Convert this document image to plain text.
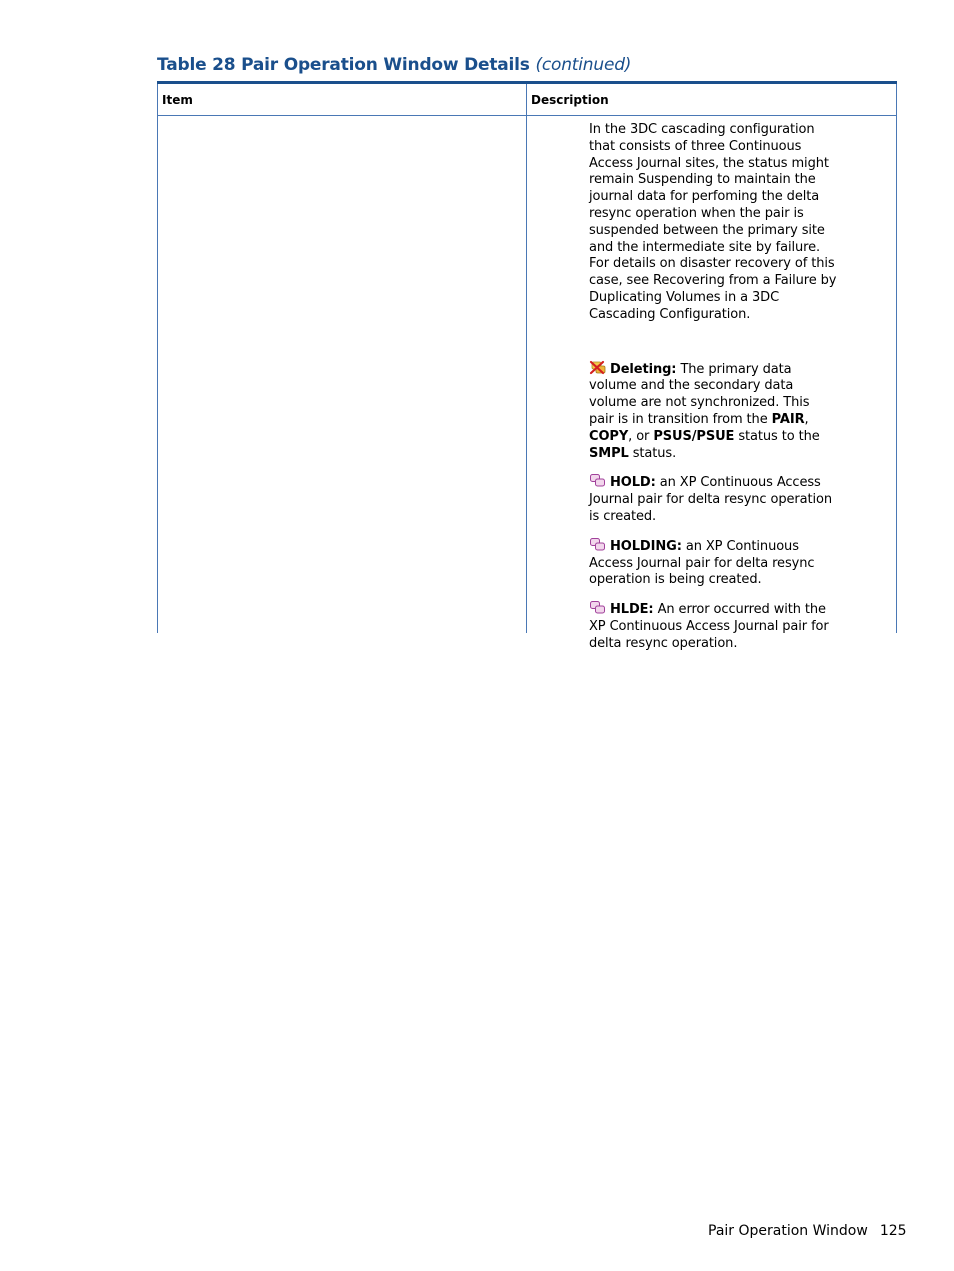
Table 28 Pair Operation Window Details (continued)
Item	Description

In the 3DC cascading configuration that consists of three Continuous Access Journal sites, the status might remain Suspending to maintain the journal data for perfoming the delta resync operation when the pair is suspended between the primary site and the intermediate site by failure. For details on disaster recovery of this case, see Recovering from a Failure by Duplicating Volumes in a 3DC Cascading Configuration.

Deleting: The primary data volume and the secondary data volume are not synchronized. This pair is in transition from the PAIR, COPY, or PSUS/PSUE status to the SMPL status.

HOLD: an XP Continuous Access Journal pair for delta resync operation is created.

HOLDING: an XP Continuous Access Journal pair for delta resync operation is being created.

HLDE: An error occurred with the XP Continuous Access Journal pair for delta resync operation.

Pair Operation Window 125
